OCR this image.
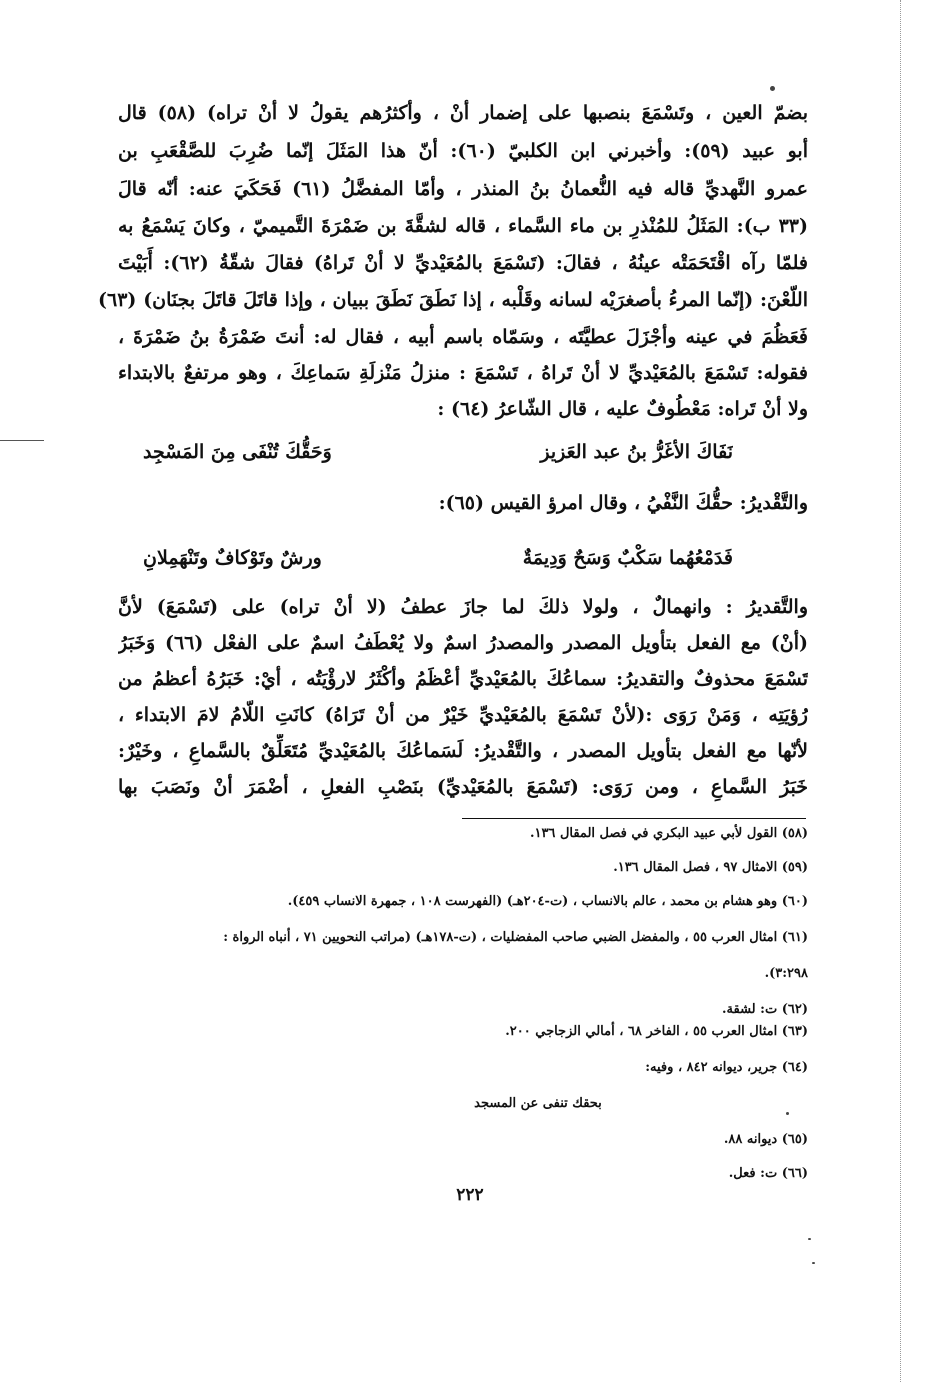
بضمّ العين ، وتَسْمَعَ بنصبها على إضمار أنْ ، وأكثرُهم يقولُ لا أنْ تراه) (٥٨) قال
أبو عبيد (٥٩): وأخبرني ابن الكلبيّ (٦٠): أنّ هذا المَثَلَ إنّما ضُرِبَ للصَّقْعَبِ بن
عمرو النَّهديِّ قاله فيه النُّعمانُ بنُ المنذر ، وأمّا المفضَّلُ (٦١) فَحَكَيَ عنه: أنّه قالَ
(٣٣ ب): المَثَلُ للمُنْذرِ بن ماء السَّماء ، قاله لشقَّةَ بن ضَمْرَةَ التَّميميّ ، وكانَ يَسْمَعُ به
فلمّا رآه اقْتَحَمَتْه عينُهُ ، فقالَ: (تَسْمَعَ بالمُعَيْديِّ لا أنْ تَراهُ) فقالَ شقّةُ (٦٢): أَبَيْتَ
اللّعْنَ: (إنّما المرءُ بأصغرَيْه لسانه وقَلْبه ، إذا نَطَقَ نَطَقَ ببيان ، وإذا قاتَلَ قاتَلَ بجنَان) (٦٣)
فَعَظُمَ في عينه وأجْزَلَ عطيَّتَه ، وسَمّاه باسم أبيه ، فقال له: أنتَ ضَمْرَةُ بنُ ضَمْرَةَ ،
فقوله: تَسْمَعَ بالمُعَيْديِّ لا أنْ تَراهُ ، تَسْمَعَ : منزلُ مَنْزلَةِ سَماعِكَ ، وهو مرتفعٌ بالابتداء
ولا أنْ تَراه: مَعْطُوفٌ عليه ، قال الشّاعرُ (٦٤) :
نَفَاكَ الأغَرُّ بنُ عبد العَزيز
وَحَقُّكَ تُنْفَى مِنَ المَسْجِد
والتَّقْديرُ: حقُّكَ النَّفْيُ ، وقال امرؤ القيس (٦٥):
فَدَمْعُهُما سَكْبٌ وَسَحٌ وَدِيمَةٌ
ورشٌ وتَوْكافٌ وتَنْهَمِلانِ
والتَّقديرُ : وانهمالٌ ، ولولا ذلكَ لما جازَ عطفُ (لا أنْ تراه) على (تَسْمَعَ) لأنَّ
(أنْ) مع الفعل بتأويل المصدر والمصدرُ اسمٌ ولا يُعْطَفُ اسمٌ على الفعْل (٦٦) وَخَبَرُ
تَسْمَعَ محذوفٌ والتقديرُ: سماعُكَ بالمُعَيْديِّ أعْظَمُ وأكْثَرُ لارؤْيَتُه ، أيْ: خَبَرُهُ أعظمُ من
رُؤيَتِه ، وَمَنْ رَوَى :(لأنْ تَسْمَعَ بالمُعَيْديِّ خَيْرٌ من أنْ تَرَاهُ) كانَتِ اللّامُ لامَ الابتداء ،
لأنّها مع الفعل بتأويل المصدر ، والتَّقْديرُ: لَسَماعُكَ بالمُعَيْديِّ مُتَعَلِّقٌ بالسَّماعِ ، وخَيْرٌ:
خَبَرُ السَّماعِ ، ومن رَوَى: (تَسْمَعَ بالمُعَيْديِّ) بنَصْبِ الفعلِ ، أضْمَرَ أنْ ونَصَبَ بها
(٥٨) القول لأبي عبيد البكري في فصل المقال ١٣٦.
(٥٩) الامثال ٩٧ ، فصل المقال ١٣٦.
(٦٠) وهو هشام بن محمد ، عالم بالانساب ، (ت-٢٠٤هـ) (الفهرست ١٠٨ ، جمهرة الانساب ٤٥٩).
(٦١) امثال العرب ٥٥ ، والمفضل الضبي صاحب المفضليات ، (ت-١٧٨هـ) (مراتب النحويين ٧١ ، أنباه الرواة :
٣:٢٩٨).
(٦٢) ت: لشقة.
(٦٣) امثال العرب ٥٥ ، الفاخر ٦٨ ، أمالي الزجاجي ٢٠٠.
(٦٤) جرير، ديوانه ٨٤٢ ، وفيه:
بحقك تنفى عن المسجد
(٦٥) ديوانه ٨٨.
(٦٦) ت: فعل.
٢٢٢
